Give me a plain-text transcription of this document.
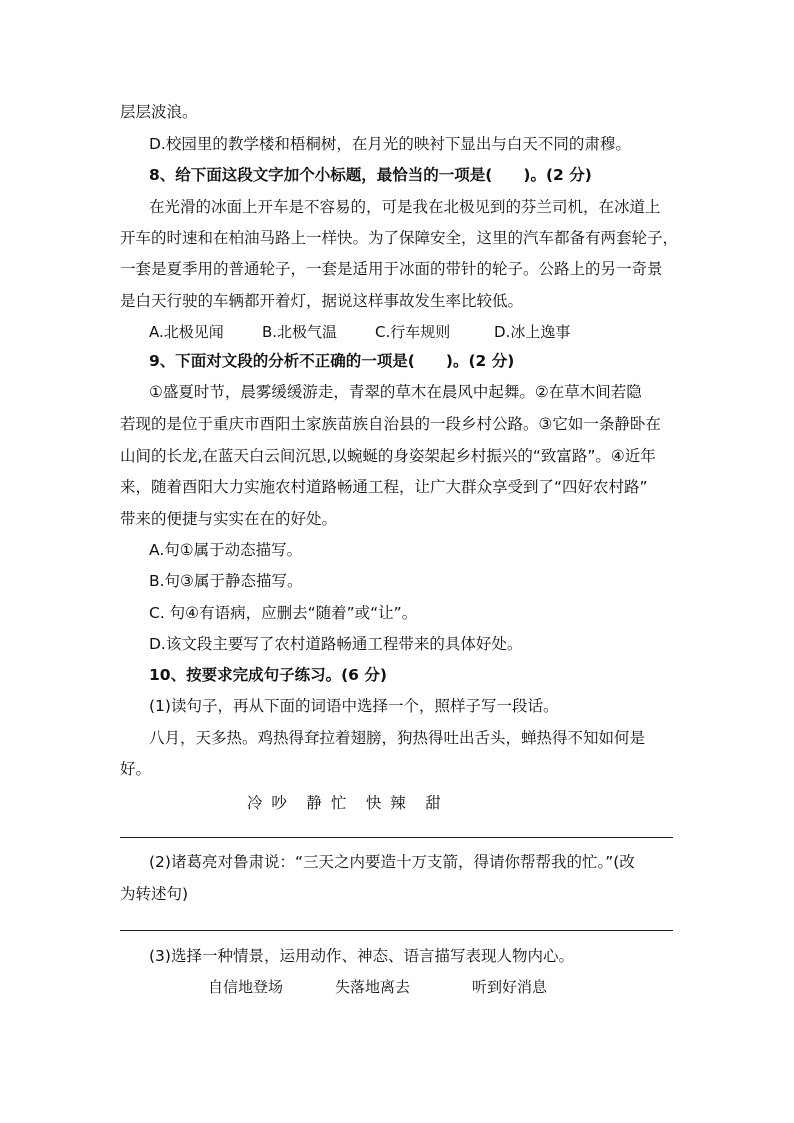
层层波浪。
D.校园里的教学楼和梧桐树，在月光的映衬下显出与白天不同的肃穆。
8、给下面这段文字加个小标题，最恰当的一项是(　　)。(2 分)
在光滑的冰面上开车是不容易的，可是我在北极见到的芬兰司机，在冰道上
开车的时速和在柏油马路上一样快。为了保障安全，这里的汽车都备有两套轮子，
一套是夏季用的普通轮子，一套是适用于冰面的带针的轮子。公路上的另一奇景
是白天行驶的车辆都开着灯，据说这样事故发生率比较低。
A.北极见闻	B.北极气温	C.行车规则	D.冰上逸事
9、下面对文段的分析不正确的一项是(　　)。(2 分)
①盛夏时节，晨雾缓缓游走，青翠的草木在晨风中起舞。②在草木间若隐
若现的是位于重庆市酉阳土家族苗族自治县的一段乡村公路。③它如一条静卧在
山间的长龙,在蓝天白云间沉思,以蜿蜒的身姿架起乡村振兴的“致富路”。④近年
来，随着酉阳大力实施农村道路畅通工程，让广大群众享受到了“四好农村路”
带来的便捷与实实在在的好处。
A.句①属于动态描写。
B.句③属于静态描写。
C. 句④有语病，应删去“随着”或“让”。
D.该文段主要写了农村道路畅通工程带来的具体好处。
10、按要求完成句子练习。(6 分)
(1)读句子，再从下面的词语中选择一个，照样子写一段话。
八月，天多热。鸡热得耷拉着翅膀，狗热得吐出舌头，蝉热得不知如何是
好。
冷 吵　静 忙　快 辣　甜
(2)诸葛亮对鲁肃说：“三天之内要造十万支箭，得请你帮帮我的忙。”(改
为转述句)
(3)选择一种情景，运用动作、神态、语言描写表现人物内心。
自信地登场	失落地离去	听到好消息
